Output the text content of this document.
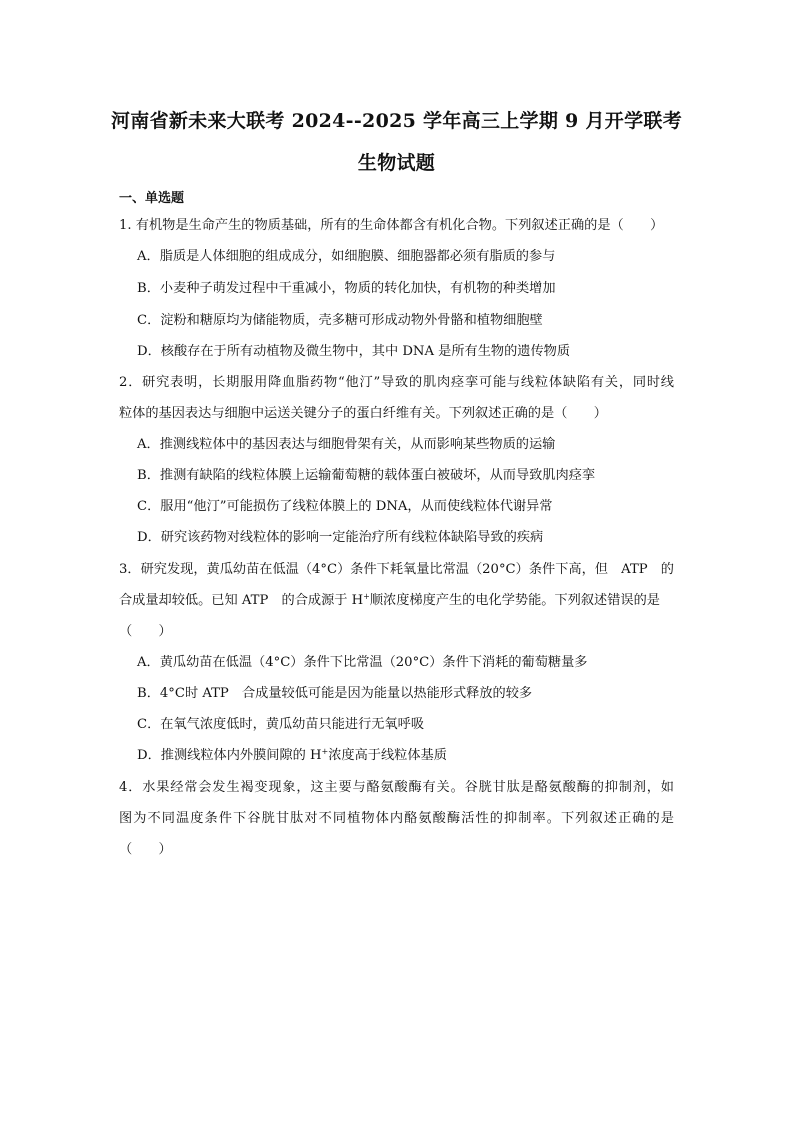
河南省新未来大联考 2024--2025 学年高三上学期 9 月开学联考
生物试题
一、单选题
1. 有机物是生命产生的物质基础，所有的生命体都含有机化合物。下列叙述正确的是（　　）
A．脂质是人体细胞的组成成分，如细胞膜、细胞器都必须有脂质的参与
B．小麦种子萌发过程中干重减小，物质的转化加快，有机物的种类增加
C．淀粉和糖原均为储能物质，壳多糖可形成动物外骨骼和植物细胞壁
D．核酸存在于所有动植物及微生物中，其中 DNA 是所有生物的遗传物质
2．研究表明，长期服用降血脂药物“他汀”导致的肌肉痉挛可能与线粒体缺陷有关，同时线
粒体的基因表达与细胞中运送关键分子的蛋白纤维有关。下列叙述正确的是（　　）
A．推测线粒体中的基因表达与细胞骨架有关，从而影响某些物质的运输
B．推测有缺陷的线粒体膜上运输葡萄糖的载体蛋白被破坏，从而导致肌肉痉挛
C．服用“他汀”可能损伤了线粒体膜上的 DNA，从而使线粒体代谢异常
D．研究该药物对线粒体的影响一定能治疗所有线粒体缺陷导致的疾病
3．研究发现，黄瓜幼苗在低温（4°C）条件下耗氧量比常温（20°C）条件下高，但　ATP　的
合成量却较低。已知 ATP　的合成源于 H+顺浓度梯度产生的电化学势能。下列叙述错误的是
（　　）
A．黄瓜幼苗在低温（4°C）条件下比常温（20°C）条件下消耗的葡萄糖量多
B．4°C时 ATP　合成量较低可能是因为能量以热能形式释放的较多
C．在氧气浓度低时，黄瓜幼苗只能进行无氧呼吸
D．推测线粒体内外膜间隙的 H+浓度高于线粒体基质
4．水果经常会发生褐变现象，这主要与酪氨酸酶有关。谷胱甘肽是酪氨酸酶的抑制剂，如
图为不同温度条件下谷胱甘肽对不同植物体内酪氨酸酶活性的抑制率。下列叙述正确的是
（　　）
